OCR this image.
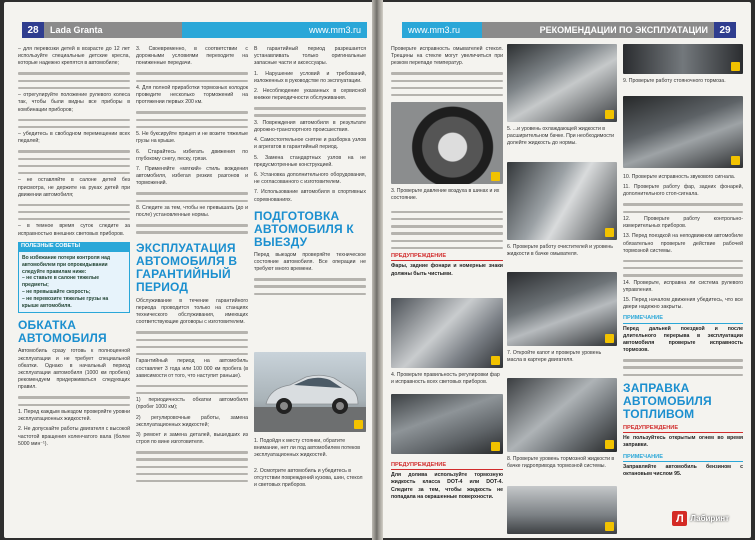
28	Lada Granta	www.mm3.ru

– для перевозки детей в возрасте до 12 лет используйте специальные детские кресла, которые надежно крепятся в автомобиле;

– отрегулируйте положение рулевого колеса так, чтобы были видны все приборы в комбинации приборов;

– убедитесь в свободном перемещении всех педалей;

– не оставляйте в салоне детей без присмотра, не держите на руках детей при движении автомобиля;

– в темное время суток следите за исправностью внешних световых приборов.

ПОЛЕЗНЫЕ СОВЕТЫ
Во избежание потери контроля над автомобилем при опрокидывании следуйте правилам ниже:
– не ставьте в салоне тяжелые предметы;
– не превышайте скорость;
– не перевозите тяжелые грузы на крыше автомобиля.
ОБКАТКА АВТОМОБИЛЯ

Автомобиль сразу готовь к полноценной эксплуатации и не требует специальной обкатки. Однако в начальный период эксплуатации автомобиля (1000 км пробега) рекомендуем придерживаться следующих правил.

1. Перед каждым выездом проверяйте уровни эксплуатационных жидкостей.

2. Не допускайте работы двигателя с высокой частотой вращения коленчатого вала (более 5000 мин⁻¹).

3. Своевременно, в соответствии с дорожными условиями переходите на пониженные передачи.

4. Для полной приработки тормозных колодок проведите несколько торможений на протяжении первых 200 км.

5. Не буксируйте прицеп и не возите тяжелые грузы на крыше.

6. Старайтесь избегать движения по глубокому снегу, песку, грязи.

7. Применяйте «мягкий» стиль вождения автомобиля, избегая резких разгонов и торможений.

8. Следите за тем, чтобы не превышать (до и после) установленные нормы.

ЭКСПЛУАТАЦИЯ АВТОМОБИЛЯ В ГАРАНТИЙНЫЙ ПЕРИОД

Обслуживание в течение гарантийного периода проводится только на станциях технического обслуживания, имеющих соответствующие договоры с изготовителем.

Гарантийный период на автомобиль составляет 3 года или 100 000 км пробега (в зависимости от того, что наступит раньше).

1) периодичность обкатки автомобиля (пробег 1000 км);

2) регулировочные работы, замена эксплуатационных жидкостей;

3) ремонт и замена деталей, вышедших из строя по вине изготовителя.

В гарантийный период разрешается устанавливать только оригинальные запасные части и аксессуары.

1. Нарушение условий и требований, изложенных в руководстве по эксплуатации.

2. Несоблюдение указанных в сервисной книжке периодичности обслуживания.

3. Повреждения автомобиля в результате дорожно-транспортного происшествия.

4. Самостоятельное снятие и разборка узлов и агрегатов в гарантийный период.

5. Замена стандартных узлов на не предусмотренные конструкцией.

6. Установка дополнительного оборудования, не согласованного с изготовителем.

7. Использование автомобиля в спортивных соревнованиях.

ПОДГОТОВКА АВТОМОБИЛЯ К ВЫЕЗДУ

Перед выездом проверяйте техническое состояние автомобиля. Все операции не требуют много времени.

1. Подойдя к месту стоянки, обратите внимание, нет ли под автомобилем потеков эксплуатационных жидкостей.
2. Осмотрите автомобиль и убедитесь в отсутствии повреждений кузова, шин, стекол и световых приборов.
www.mm3.ru	РЕКОМЕНДАЦИИ ПО ЭКСПЛУАТАЦИИ	29

Проверьте исправность омывателей стекол. Трещины на стекле могут увеличиться при резком перепаде температур.

3. Проверьте давление воздуха в шинах и их состояние.
ПРЕДУПРЕЖДЕНИЕ

Фары, задние фонари и номерные знаки должны быть чистыми.

4. Проверьте правильность регулировки фар и исправность всех световых приборов.
ПРЕДУПРЕЖДЕНИЕ

Для долива используйте тормозную жидкость класса DOT-4 или DOT-4. Следите за тем, чтобы жидкость не попадала на окрашенные поверхности.

5. ...и уровень охлаждающей жидкости в расширительном бачке. При необходимости долейте жидкость до нормы.
6. Проверьте работу очистителей и уровень жидкости в бачке омывателя.
7. Откройте капот и проверьте уровень масла в картере двигателя.
8. Проверьте уровень тормозной жидкости в бачке гидропривода тормозной системы.
9. Проверьте работу стояночного тормоза.

10. Проверьте исправность звукового сигнала.

11. Проверьте работу фар, задних фонарей, дополнительного стоп-сигнала.

12. Проверьте работу контрольно-измерительных приборов.

13. Перед поездкой на неподвижном автомобиле обязательно проверьте действие рабочей тормозной системы.

14. Проверьте, исправна ли система рулевого управления.

15. Перед началом движения убедитесь, что все двери надежно закрыты.

ПРИМЕЧАНИЕ

Перед дальней поездкой и после длительного перерыва в эксплуатации автомобиля проверьте исправность тормозов.

ЗАПРАВКА АВТОМОБИЛЯ ТОПЛИВОМ
ПРЕДУПРЕЖДЕНИЕ

Не пользуйтесь открытым огнем во время заправки.

ПРИМЕЧАНИЕ

Заправляйте автомобиль бензином с октановым числом 95.

Л Лабиринт
